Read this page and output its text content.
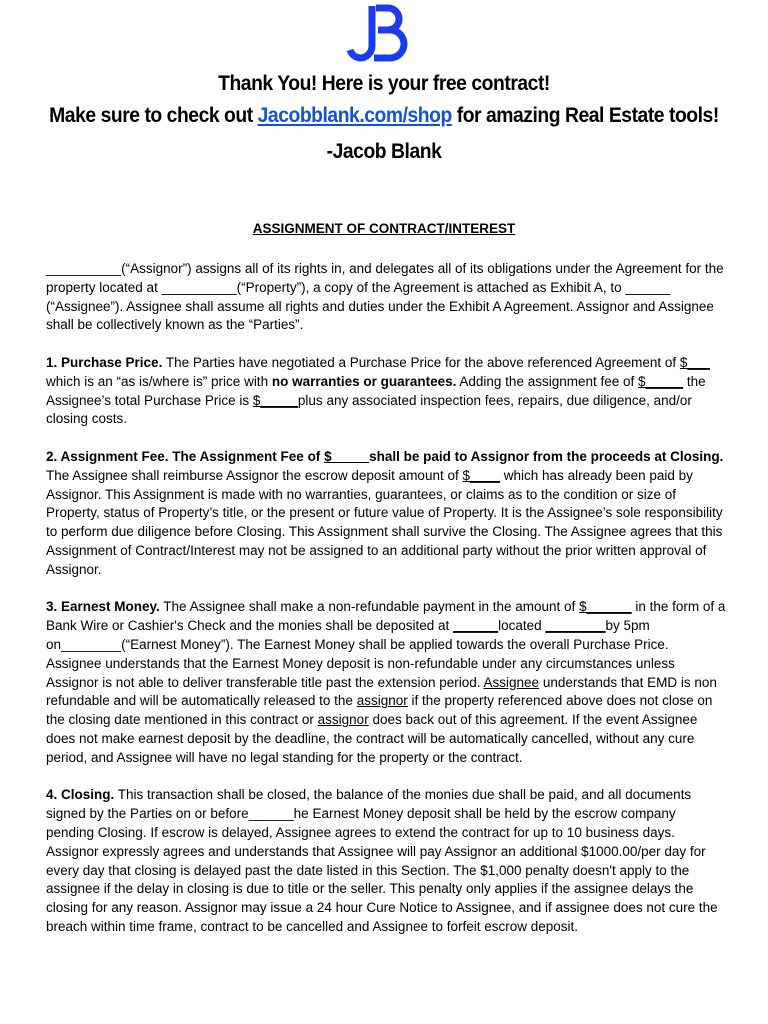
JB
Thank You! Here is your free contract!
Make sure to check out Jacobblank.com/shop for amazing Real Estate tools!
-Jacob Blank
ASSIGNMENT OF CONTRACT/INTEREST

__________(“Assignor”) assigns all of its rights in, and delegates all of its obligations under the Agreement for the property located at __________(“Property”), a copy of the Agreement is attached as Exhibit A, to ______ (“Assignee”). Assignee shall assume all rights and duties under the Exhibit A Agreement. Assignor and Assignee shall be collectively known as the “Parties”.

1. Purchase Price. The Parties have negotiated a Purchase Price for the above referenced Agreement of $___ which is an “as is/where is” price with no warranties or guarantees. Adding the assignment fee of $_____ the Assignee’s total Purchase Price is $_____plus any associated inspection fees, repairs, due diligence, and/or closing costs.

2. Assignment Fee. The Assignment Fee of $_____shall be paid to Assignor from the proceeds at Closing. The Assignee shall reimburse Assignor the escrow deposit amount of $____ which has already been paid by Assignor. This Assignment is made with no warranties, guarantees, or claims as to the condition or size of Property, status of Property’s title, or the present or future value of Property. It is the Assignee’s sole responsibility to perform due diligence before Closing. This Assignment shall survive the Closing. The Assignee agrees that this Assignment of Contract/Interest may not be assigned to an additional party without the prior written approval of Assignor.

3. Earnest Money. The Assignee shall make a non-refundable payment in the amount of $______ in the form of a Bank Wire or Cashier's Check and the monies shall be deposited at ______located ________by 5pm on________(“Earnest Money”). The Earnest Money shall be applied towards the overall Purchase Price. Assignee understands that the Earnest Money deposit is non-refundable under any circumstances unless Assignor is not able to deliver transferable title past the extension period. Assignee understands that EMD is non refundable and will be automatically released to the assignor if the property referenced above does not close on the closing date mentioned in this contract or assignor does back out of this agreement. If the event Assignee does not make earnest deposit by the deadline, the contract will be automatically cancelled, without any cure period, and Assignee will have no legal standing for the property or the contract.

4. Closing. This transaction shall be closed, the balance of the monies due shall be paid, and all documents signed by the Parties on or before______he Earnest Money deposit shall be held by the escrow company pending Closing. If escrow is delayed, Assignee agrees to extend the contract for up to 10 business days. Assignor expressly agrees and understands that Assignee will pay Assignor an additional $1000.00/per day for every day that closing is delayed past the date listed in this Section. The $1,000 penalty doesn't apply to the assignee if the delay in closing is due to title or the seller. This penalty only applies if the assignee delays the closing for any reason. Assignor may issue a 24 hour Cure Notice to Assignee, and if assignee does not cure the breach within time frame, contract to be cancelled and Assignee to forfeit escrow deposit.
